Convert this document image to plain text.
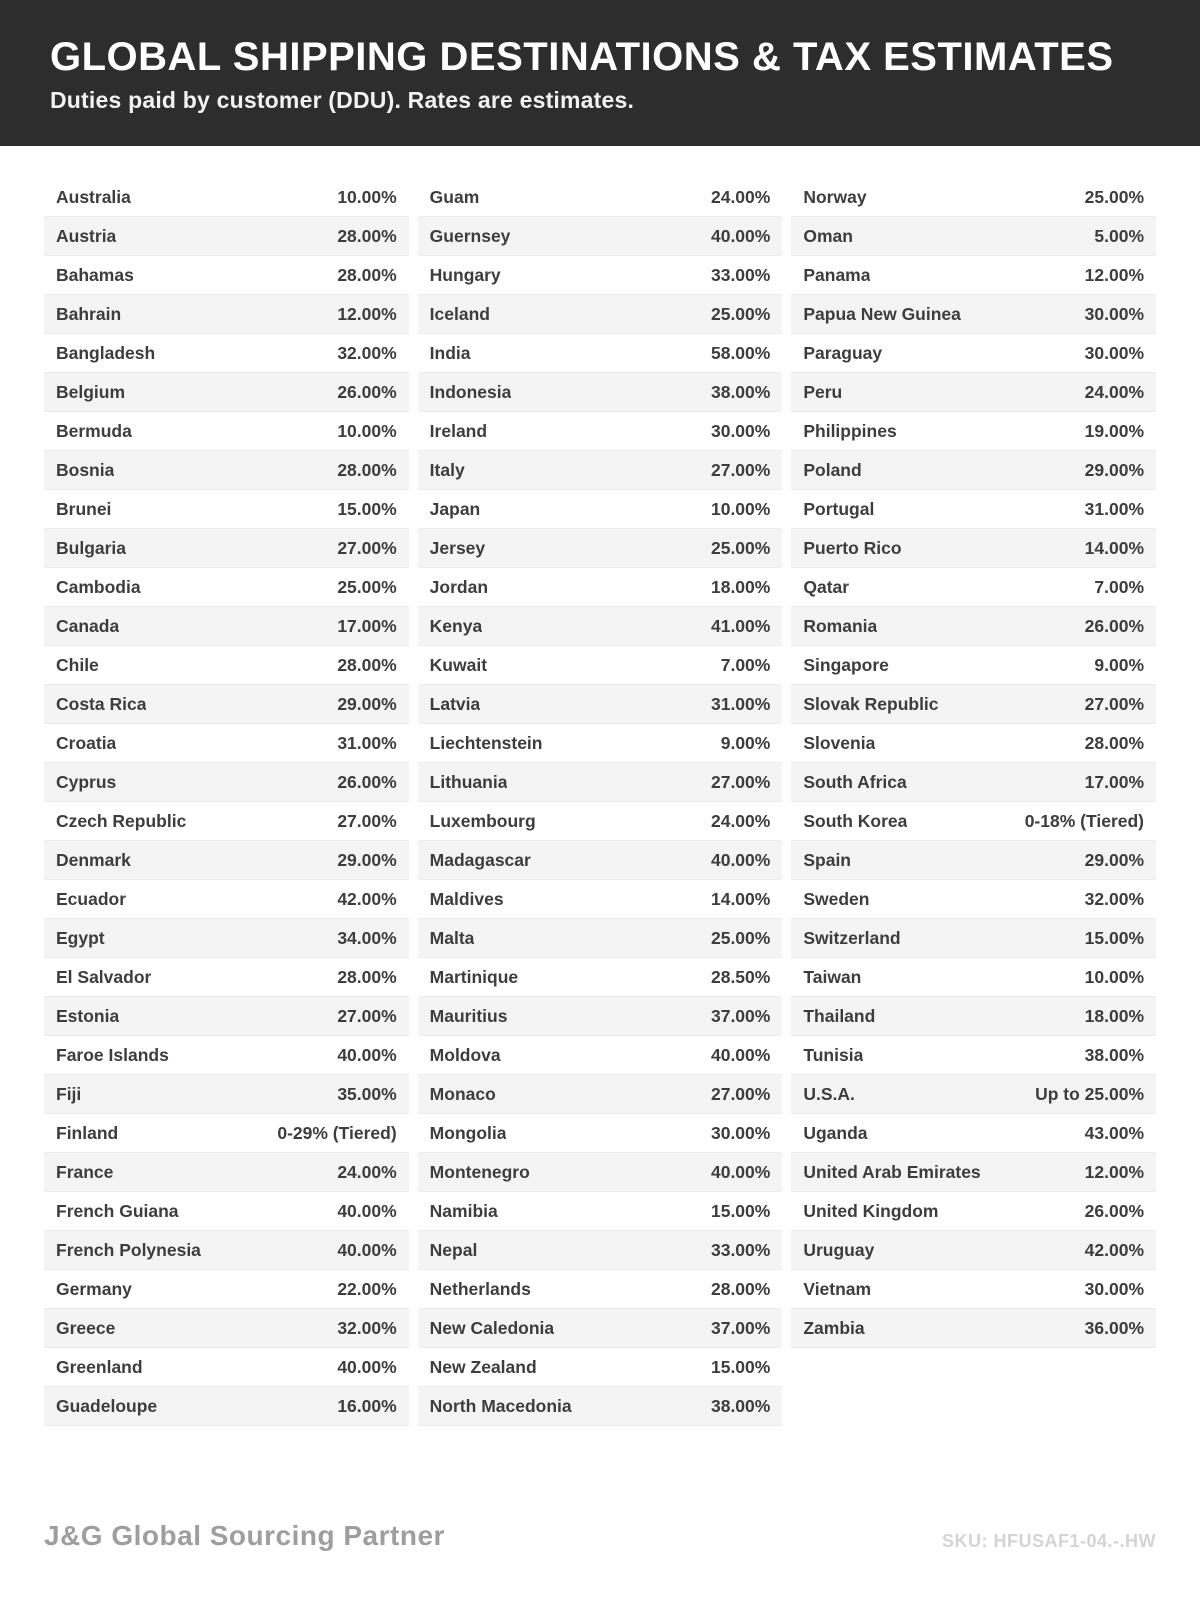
GLOBAL SHIPPING DESTINATIONS & TAX ESTIMATES

Duties paid by customer (DDU). Rates are estimates.

Australia	10.00%
Austria	28.00%
Bahamas	28.00%
Bahrain	12.00%
Bangladesh	32.00%
Belgium	26.00%
Bermuda	10.00%
Bosnia	28.00%
Brunei	15.00%
Bulgaria	27.00%
Cambodia	25.00%
Canada	17.00%
Chile	28.00%
Costa Rica	29.00%
Croatia	31.00%
Cyprus	26.00%
Czech Republic	27.00%
Denmark	29.00%
Ecuador	42.00%
Egypt	34.00%
El Salvador	28.00%
Estonia	27.00%
Faroe Islands	40.00%
Fiji	35.00%
Finland	0-29% (Tiered)
France	24.00%
French Guiana	40.00%
French Polynesia	40.00%
Germany	22.00%
Greece	32.00%
Greenland	40.00%
Guadeloupe	16.00%
Guam	24.00%
Guernsey	40.00%
Hungary	33.00%
Iceland	25.00%
India	58.00%
Indonesia	38.00%
Ireland	30.00%
Italy	27.00%
Japan	10.00%
Jersey	25.00%
Jordan	18.00%
Kenya	41.00%
Kuwait	7.00%
Latvia	31.00%
Liechtenstein	9.00%
Lithuania	27.00%
Luxembourg	24.00%
Madagascar	40.00%
Maldives	14.00%
Malta	25.00%
Martinique	28.50%
Mauritius	37.00%
Moldova	40.00%
Monaco	27.00%
Mongolia	30.00%
Montenegro	40.00%
Namibia	15.00%
Nepal	33.00%
Netherlands	28.00%
New Caledonia	37.00%
New Zealand	15.00%
North Macedonia	38.00%
Norway	25.00%
Oman	5.00%
Panama	12.00%
Papua New Guinea	30.00%
Paraguay	30.00%
Peru	24.00%
Philippines	19.00%
Poland	29.00%
Portugal	31.00%
Puerto Rico	14.00%
Qatar	7.00%
Romania	26.00%
Singapore	9.00%
Slovak Republic	27.00%
Slovenia	28.00%
South Africa	17.00%
South Korea	0-18% (Tiered)
Spain	29.00%
Sweden	32.00%
Switzerland	15.00%
Taiwan	10.00%
Thailand	18.00%
Tunisia	38.00%
U.S.A.	Up to 25.00%
Uganda	43.00%
United Arab Emirates	12.00%
United Kingdom	26.00%
Uruguay	42.00%
Vietnam	30.00%
Zambia	36.00%
J&G Global Sourcing Partner	SKU: HFUSAF1-04.-.HW
